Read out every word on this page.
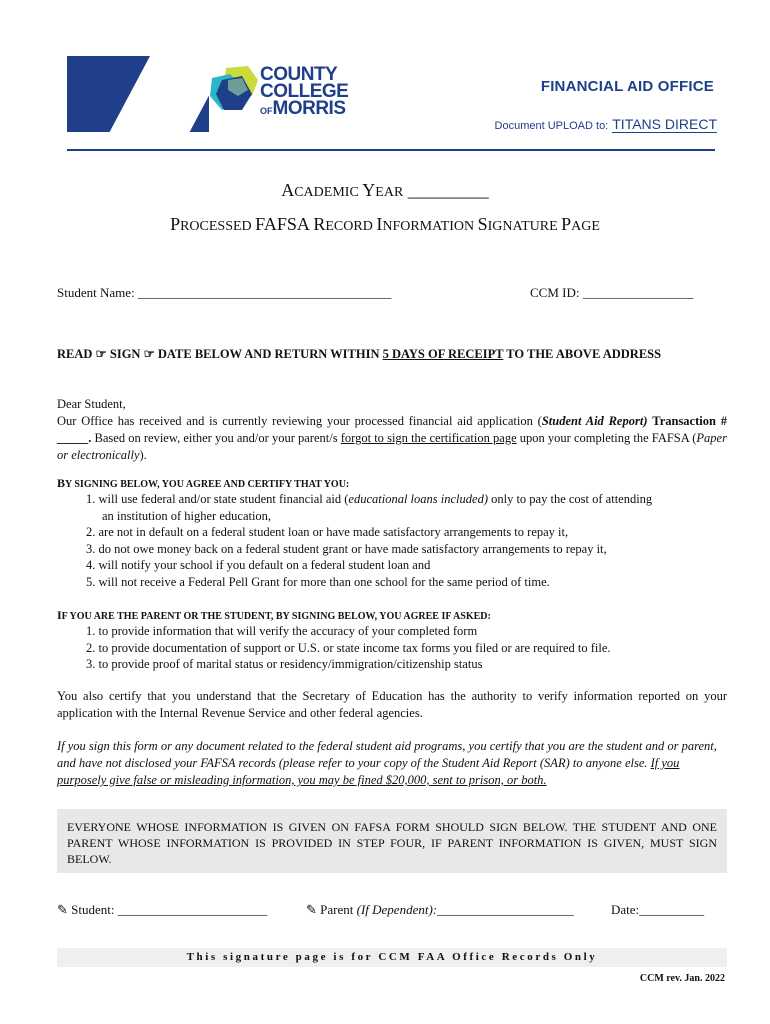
COUNTY
COLLEGE
OFMORRIS
FINANCIAL AID OFFICE
Document UPLOAD to: TITANS DIRECT
ACADEMIC YEAR _________
PROCESSED FAFSA RECORD INFORMATION SIGNATURE PAGE
Student Name: _______________________________________	CCM ID: _________________
READ ☞ SIGN ☞ DATE BELOW AND RETURN WITHIN 5 DAYS OF RECEIPT TO THE ABOVE ADDRESS
Dear Student,
Our Office has received and is currently reviewing your processed financial aid application (Student Aid Report) Transaction # _____. Based on review, either you and/or your parent/s forgot to sign the certification page upon your completing the FAFSA (Paper or electronically).
BY SIGNING BELOW, YOU AGREE AND CERTIFY THAT YOU:
1. will use federal and/or state student financial aid (educational loans included) only to pay the cost of attending
an institution of higher education,
2. are not in default on a federal student loan or have made satisfactory arrangements to repay it,
3. do not owe money back on a federal student grant or have made satisfactory arrangements to repay it,
4. will notify your school if you default on a federal student loan and
5. will not receive a Federal Pell Grant for more than one school for the same period of time.
IF YOU ARE THE PARENT OR THE STUDENT, BY SIGNING BELOW, YOU AGREE IF ASKED:
1. to provide information that will verify the accuracy of your completed form
2. to provide documentation of support or U.S. or state income tax forms you filed or are required to file.
3. to provide proof of marital status or residency/immigration/citizenship status
You also certify that you understand that the Secretary of Education has the authority to verify information reported on your application with the Internal Revenue Service and other federal agencies.
If you sign this form or any document related to the federal student aid programs, you certify that you are the student and or parent, and have not disclosed your FAFSA records (please refer to your copy of the Student Aid Report (SAR) to anyone else. If you purposely give false or misleading information, you may be fined $20,000, sent to prison, or both.
EVERYONE WHOSE INFORMATION IS GIVEN ON FAFSA FORM SHOULD SIGN BELOW. THE STUDENT AND ONE PARENT WHOSE INFORMATION IS PROVIDED IN STEP FOUR, IF PARENT INFORMATION IS GIVEN, MUST SIGN BELOW.
✎ Student: _______________________	✎ Parent (If Dependent):_____________________	Date:__________
This signature page is for CCM FAA Office Records Only
CCM rev. Jan. 2022
